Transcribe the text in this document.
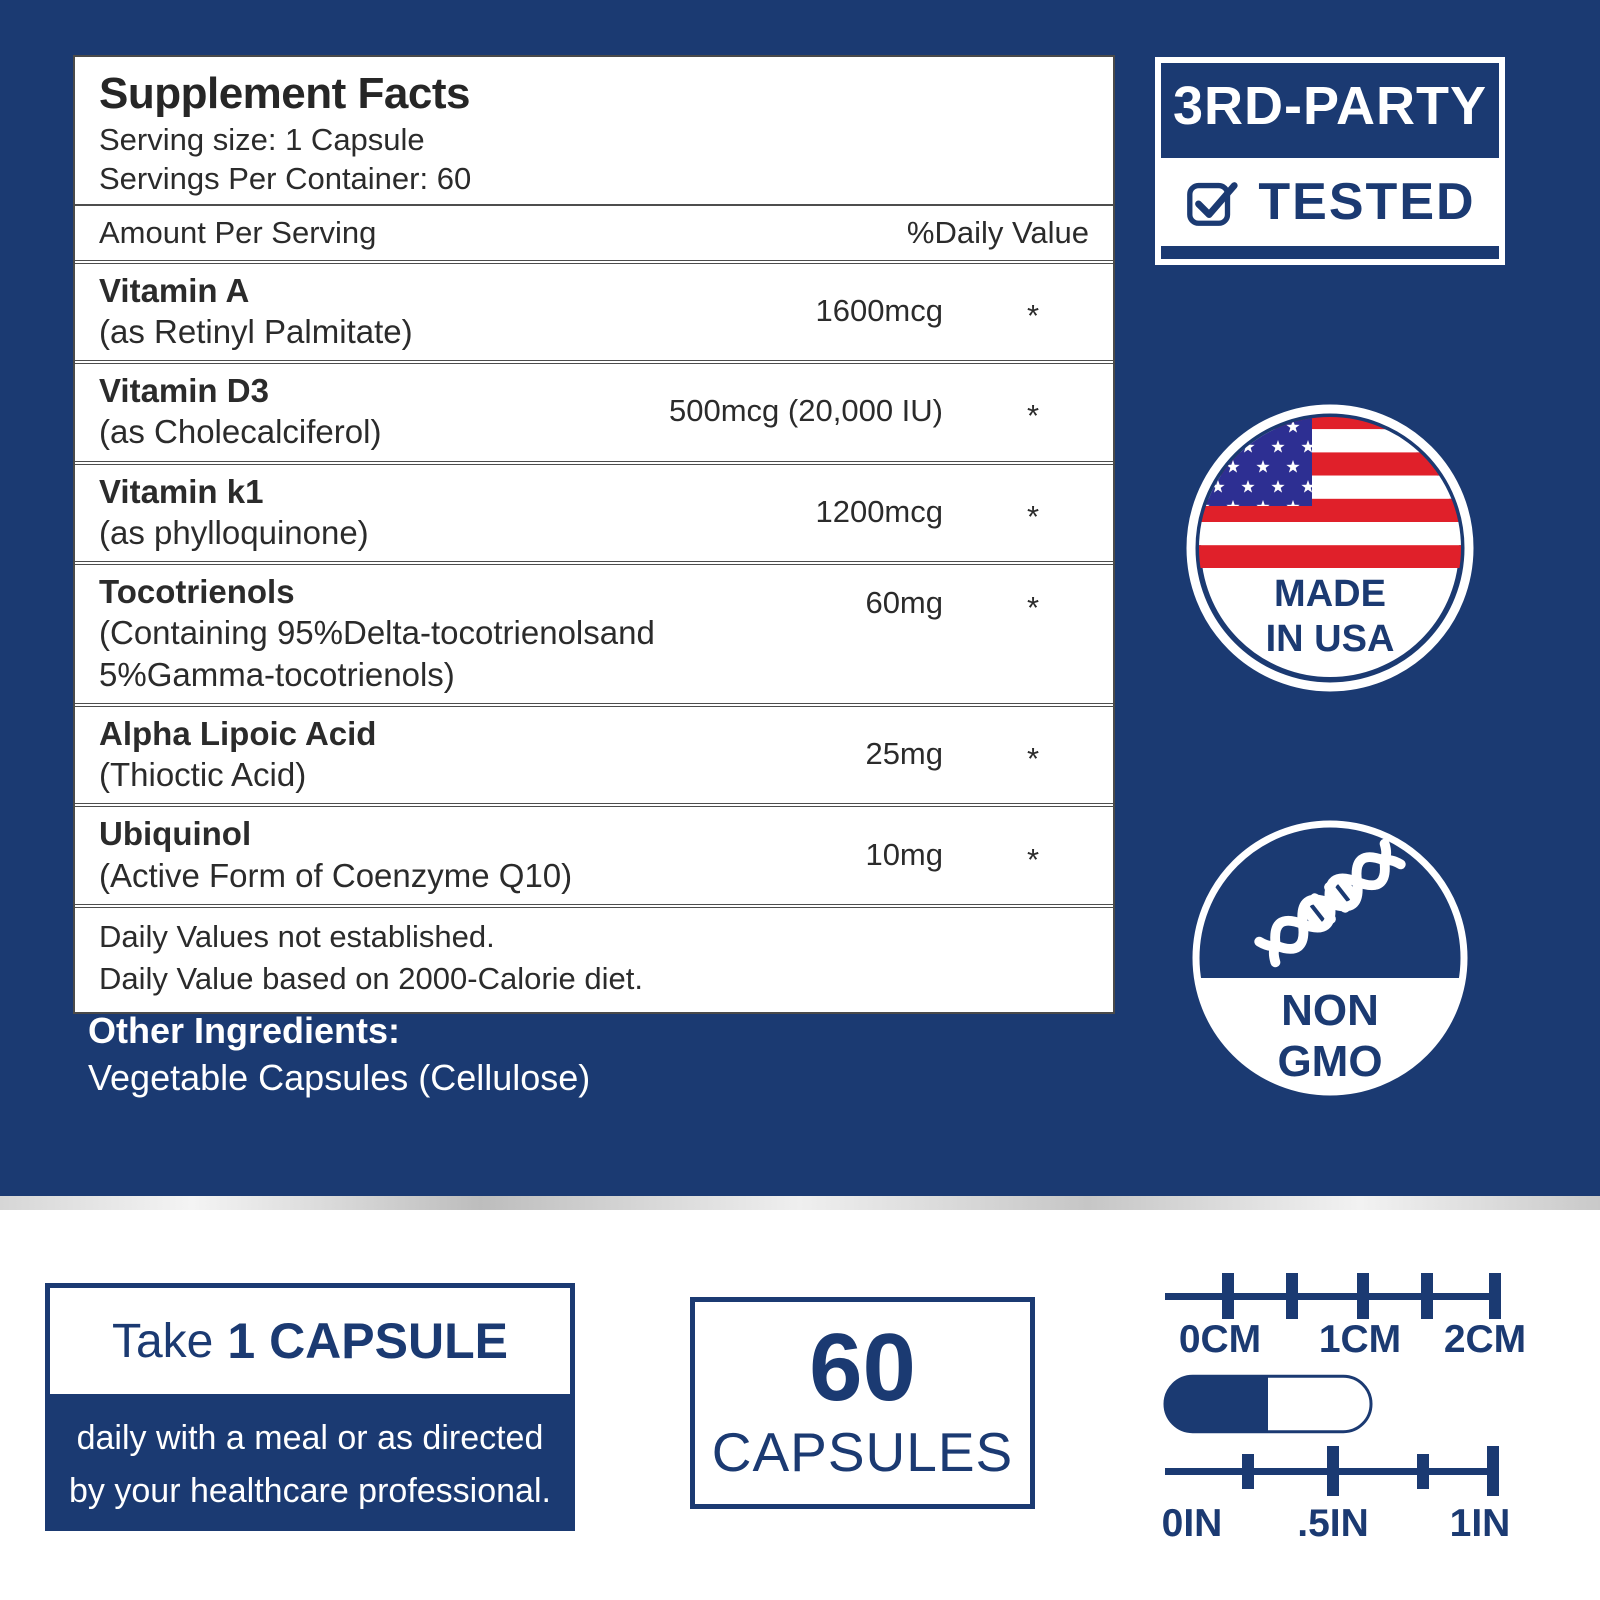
Supplement Facts
Serving size: 1 Capsule
Servings Per Container: 60
Amount Per Serving	%Daily Value
Vitamin A
(as Retinyl Palmitate)
1600mcg	*
Vitamin D3
(as Cholecalciferol)
500mcg (20,000 IU)	*
Vitamin k1
(as phylloquinone)
1200mcg	*
Tocotrienols
(Containing 95%Delta-tocotrienolsand
5%Gamma-tocotrienols)
60mg	*
Alpha Lipoic Acid
(Thioctic Acid)
25mg	*
Ubiquinol
(Active Form of Coenzyme Q10)
10mg	*
Daily Values not established.
Daily Value based on 2000-Calorie diet.
Other Ingredients:
Vegetable Capsules (Cellulose)
3RD-PARTY
TESTED
MADE
IN USA
NON
GMO
Take 1 CAPSULE
daily with a meal or as directed
by your healthcare professional.
60
CAPSULES
0CM 1CM 2CM
0IN .5IN 1IN
